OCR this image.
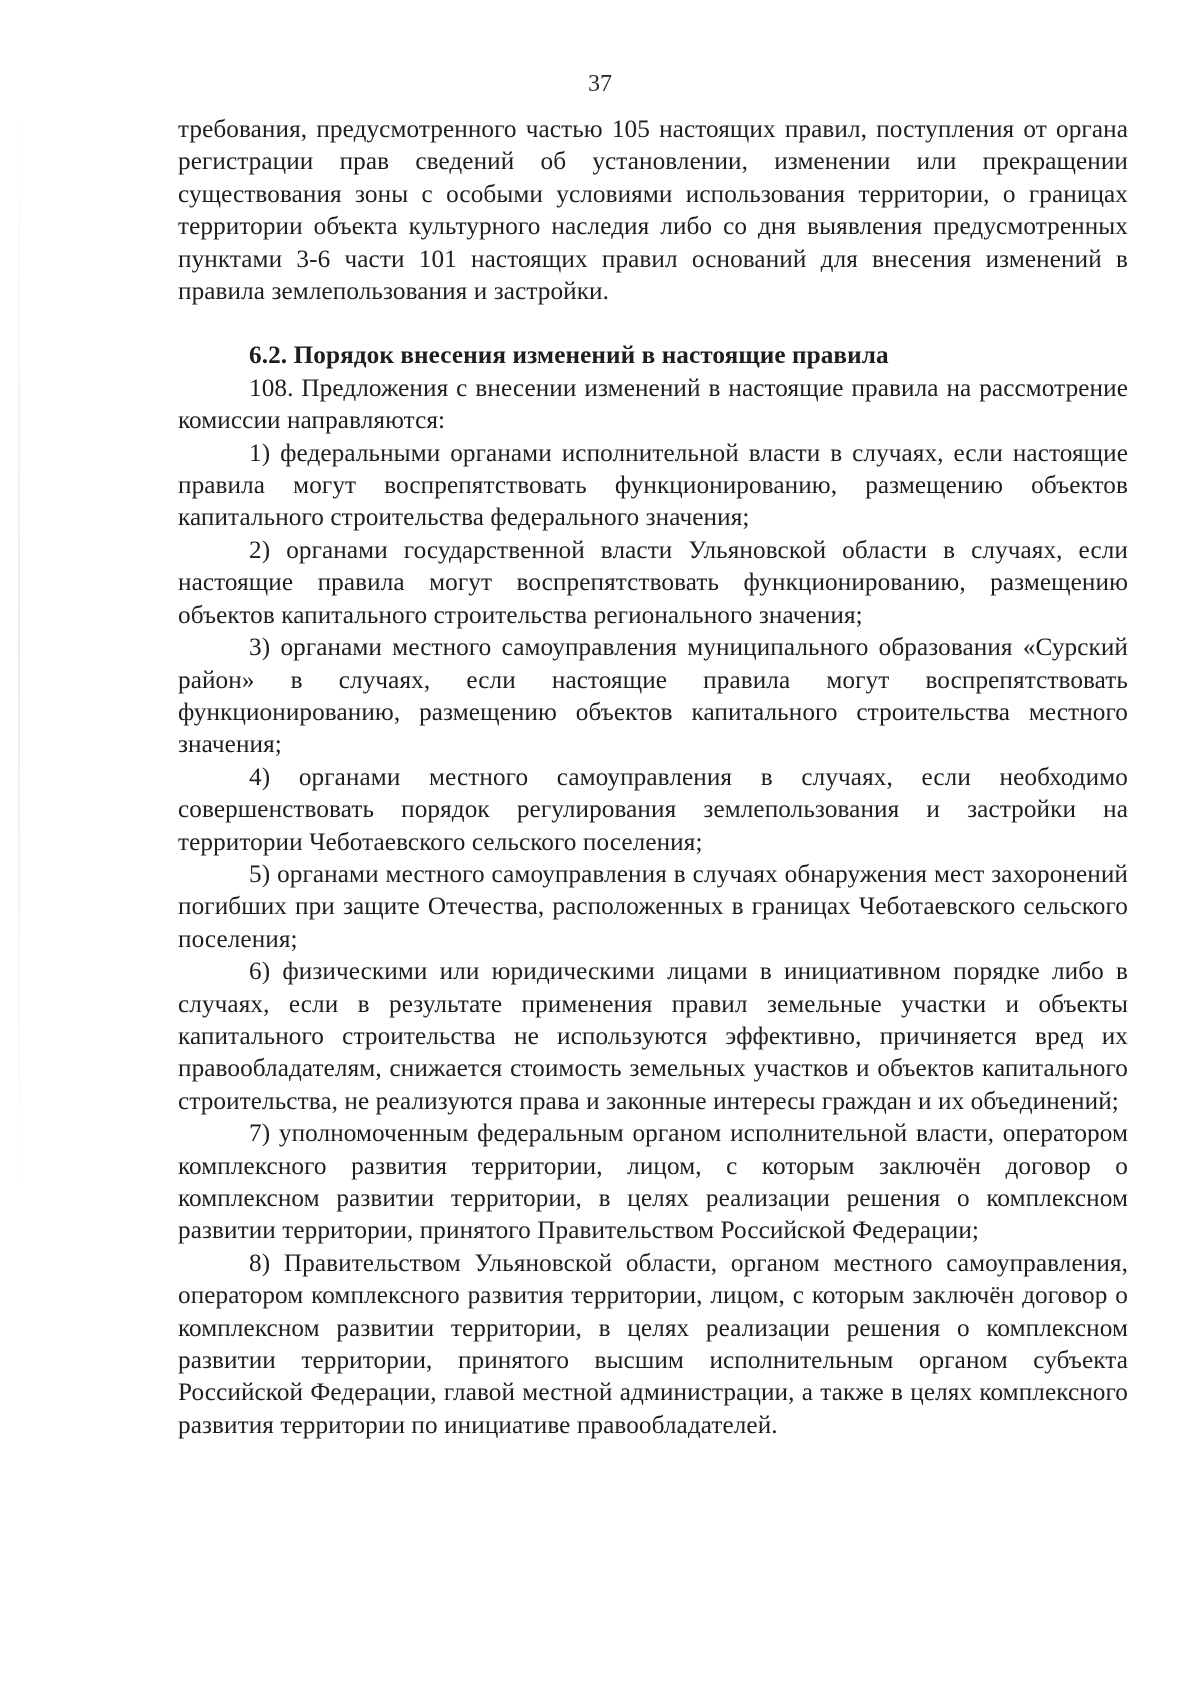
37

требования, предусмотренного частью 105 настоящих правил, поступления от органа регистрации прав сведений об установлении, изменении или прекращении существования зоны с особыми условиями использования территории, о границах территории объекта культурного наследия либо со дня выявления предусмотренных пунктами 3-6 части 101 настоящих правил оснований для внесения изменений в правила землепользования и застройки.

6.2. Порядок внесения изменений в настоящие правила

108. Предложения с внесении изменений в настоящие правила на рассмотрение комиссии направляются:

1) федеральными органами исполнительной власти в случаях, если настоящие правила могут воспрепятствовать функционированию, размещению объектов капитального строительства федерального значения;

2) органами государственной власти Ульяновской области в случаях, если настоящие правила могут воспрепятствовать функционированию, размещению объектов капитального строительства регионального значения;

3) органами местного самоуправления муниципального образования «Сурский район» в случаях, если настоящие правила могут воспрепятствовать функционированию, размещению объектов капитального строительства местного значения;

4) органами местного самоуправления в случаях, если необходимо совершенствовать порядок регулирования землепользования и застройки на территории Чеботаевского сельского поселения;

5) органами местного самоуправления в случаях обнаружения мест захоронений погибших при защите Отечества, расположенных в границах Чеботаевского сельского поселения;

6) физическими или юридическими лицами в инициативном порядке либо в случаях, если в результате применения правил земельные участки и объекты капитального строительства не используются эффективно, причиняется вред их правообладателям, снижается стоимость земельных участков и объектов капитального строительства, не реализуются права и законные интересы граждан и их объединений;

7) уполномоченным федеральным органом исполнительной власти, оператором комплексного развития территории, лицом, с которым заключён договор о комплексном развитии территории, в целях реализации решения о комплексном развитии территории, принятого Правительством Российской Федерации;

8) Правительством Ульяновской области, органом местного самоуправления, оператором комплексного развития территории, лицом, с которым заключён договор о комплексном развитии территории, в целях реализации решения о комплексном развитии территории, принятого высшим исполнительным органом субъекта Российской Федерации, главой местной администрации, а также в целях комплексного развития территории по инициативе правообладателей.
